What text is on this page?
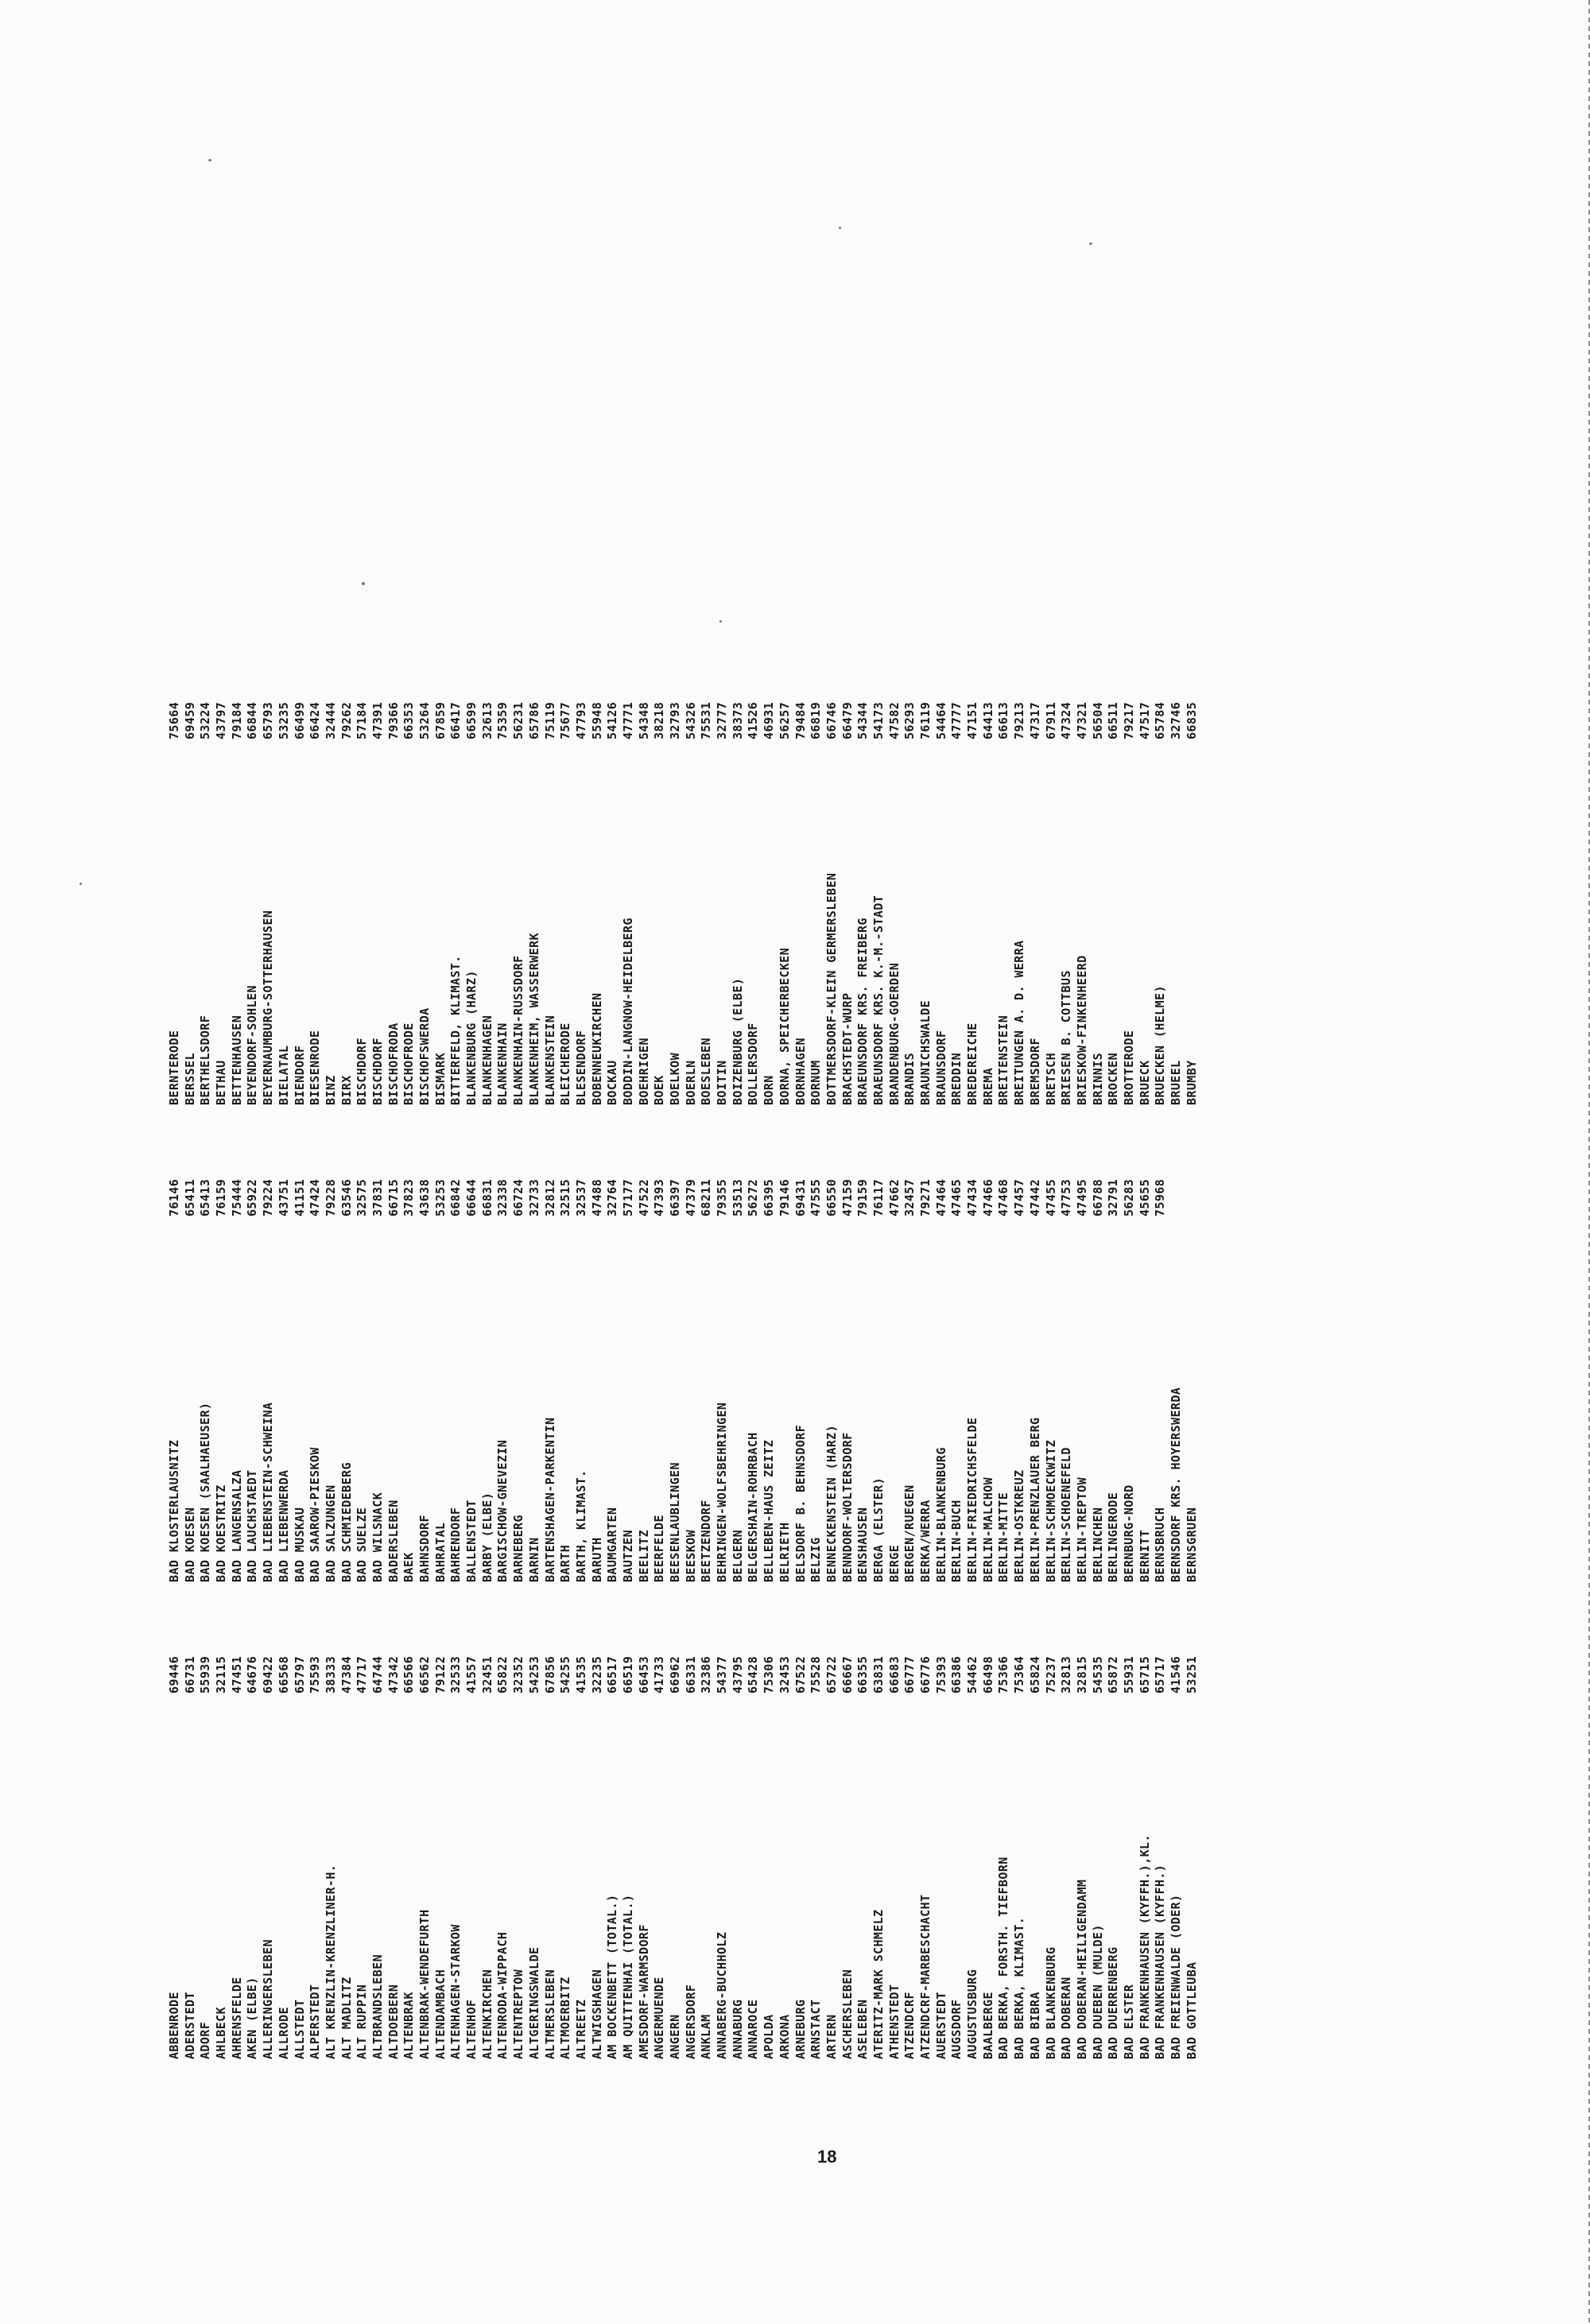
ABBENRODE
69446
ADERSTEDT
66731
ADORF
55939
AHLBECK
32115
AHRENSFELDE
47451
AKEN (ELBE)
64676
ALLERINGERSLEBEN
69422
ALLRODE
66568
ALLSTEDT
65797
ALPERSTEDT
75593
ALT KRENZLIN-KRENZLINER-H.
38333
ALT MADLITZ
47384
ALT RUPPIN
47717
ALTBRANDSLEBEN
64744
ALTDOEBERN
47342
ALTENBRAK
66566
ALTENBRAK-WENDEFURTH
66562
ALTENDAMBACH
79122
ALTENHAGEN-STARKOW
32533
ALTENHOF
41557
ALTENKIRCHEN
32451
ALTENRODA-WIPPACH
65822
ALTENTREPTOW
32352
ALTGERINGSWALDE
54253
ALTMERSLEBEN
67856
ALTMOERBITZ
54255
ALTREETZ
41535
ALTWIGSHAGEN
32235
AM BOCKENBETT (TOTAL.)
66517
AM QUITTENHAI (TOTAL.)
66519
AMESDORF-WARMSDORF
66453
ANGERMUENDE
41733
ANGERN
66962
ANGERSDORF
66331
ANKLAM
32386
ANNABERG-BUCHHOLZ
54377
ANNABURG
43795
ANNAROCE
65428
APOLDA
75306
ARKONA
32453
ARNEBURG
67522
ARNSTACT
75528
ARTERN
65722
ASCHERSLEBEN
66667
ASELEBEN
66355
ATERITZ-MARK SCHMELZ
63831
ATHENSTEDT
66683
ATZENDCRF
66777
ATZENDCRF-MARBESCHACHT
66776
AUERSTEDT
75393
AUGSDORF
66386
AUGUSTUSBURG
54462
BAALBERGE
66498
BAD BERKA, FORSTH. TIEFBORN
75366
BAD BERKA, KLIMAST.
75364
BAD BIBRA
65824
BAD BLANKENBURG
75237
BAD DOBERAN
32813
BAD DOBERAN-HEILIGENDAMM
32815
BAD DUEBEN (MULDE)
54535
BAD DUERRENBERG
65872
BAD ELSTER
55931
BAD FRANKENHAUSEN (KYFFH.),KL.
65715
BAD FRANKENHAUSEN (KYFFH.)
65717
BAD FREIENWALDE (ODER)
41546
BAD GOTTLEUBA
53251
BAD KLOSTERLAUSNITZ
76146
BAD KOESEN
65411
BAD KOESEN (SAALHAEUSER)
65413
BAD KOESTRITZ
76159
BAD LANGENSALZA
75444
BAD LAUCHSTAEDT
65922
BAD LIEBENSTEIN-SCHWEINA
79224
BAD LIEBENWERDA
43751
BAD MUSKAU
41151
BAD SAAROW-PIESKOW
47424
BAD SALZUNGEN
79228
BAD SCHMIEDEBERG
63546
BAD SUELZE
32575
BAD WILSNACK
37831
BADERSLEBEN
66715
BAEK
37823
BAHNSDORF
43638
BAHRATAL
53253
BAHRENDORF
66842
BALLENSTEDT
66644
BARBY (ELBE)
66831
BARGISCHOW-GNEVEZIN
32338
BARNEBERG
66724
BARNIN
32733
BARTENSHAGEN-PARKENTIN
32812
BARTH
32515
BARTH, KLIMAST.
32537
BARUTH
47488
BAUMGARTEN
32764
BAUTZEN
57177
BEELITZ
47522
BEERFELDE
47393
BEESENLAUBLINGEN
66397
BEESKOW
47379
BEETZENDORF
68211
BEHRINGEN-WOLFSBEHRINGEN
79355
BELGERN
53513
BELGERSHAIN-ROHRBACH
56272
BELLEBEN-HAUS ZEITZ
66395
BELRIETH
79146
BELSDORF B. BEHNSDORF
69431
BELZIG
47555
BENNECKENSTEIN (HARZ)
66550
BENNDORF-WOLTERSDORF
47159
BENSHAUSEN
79159
BERGA (ELSTER)
76117
BERGE
47662
BERGEN/RUEGEN
32457
BERKA/WERRA
79271
BERLIN-BLANKENBURG
47464
BERLIN-BUCH
47465
BERLIN-FRIEDRICHSFELDE
47434
BERLIN-MALCHOW
47466
BERLIN-MITTE
47468
BERLIN-OSTKREUZ
47457
BERLIN-PRENZLAUER BERG
47442
BERLIN-SCHMOECKWITZ
47455
BERLIN-SCHOENEFELD
47753
BERLIN-TREPTOW
47495
BERLINCHEN
66788
BERLINGERODE
32791
BERNBURG-NORD
56283
BERNITT
45655
BERNSBRUCH
75968
BERNSDORF KRS. HOYERSWERDA BERNSGRUEN
BERNTERODE
75664
BERSSEL
69459
BERTHELSDORF
53224
BETHAU
43797
BETTENHAUSEN
79184
BEYENDORF-SOHLEN
66844
BEYERNAUMBURG-SOTTERHAUSEN
65793
BIELATAL
53235
BIENDORF
66499
BIESENRODE
66424
BINZ
32444
BIRX
79262
BISCHDORF
57184
BISCHDORF
47391
BISCHOFRODA
79366
BISCHOFRODE
66353
BISCHOFSWERDA
53264
BISMARK
67859
BITTERFELD, KLIMAST.
66417
BLANKENBURG (HARZ)
66599
BLANKENHAGEN
32613
BLANKENHAIN
75359
BLANKENHAIN-RUSSDORF
56231
BLANKENHEIM, WASSERWERK
65786
BLANKENSTEIN
75119
BLEICHERODE
75677
BLESENDORF
47793
BOBENNEUKIRCHEN
55948
BOCKAU
54126
BODDIN-LANGNOW-HEIDELBERG
47771
BOEHRIGEN
54348
BOEK
38218
BOELKOW
32793
BOERLN
54326
BOESLEBEN
75531
BOITIN
32777
BOIZENBURG (ELBE)
38373
BOLLERSDORF
41526
BORN
46931
BORNA, SPEICHERBECKEN
56257
BORNHAGEN
79484
BORNUM
66819
BOTTMERSDORF-KLEIN GERMERSLEBEN
66746
BRACHSTEDT-WURP
66479
BRAEUNSDORF KRS. FREIBERG
54344
BRAEUNSDORF KRS. K.-M.-STADT
54173
BRANDENBURG-GOERDEN
47582
BRANDIS
56293
BRAUNICHSWALDE
76119
BRAUNSDORF
54464
BREDDIN
47777
BREDEREICHE
47151
BREMA
64413
BREITENSTEIN
66613
BREITUNGEN A. D. WERRA
79213
BREMSDORF
47317
BRETSCH
67911
BRIESEN B. COTTBUS
47324
BRIESKOW-FINKENHEERD
47321
BRINNIS
56504
BROCKEN
66511
BROTTERODE
79217
BRUECK
47517
BRUECKEN (HELME)
65784
BRUEEL
32746
BRUMBY
66835
18
